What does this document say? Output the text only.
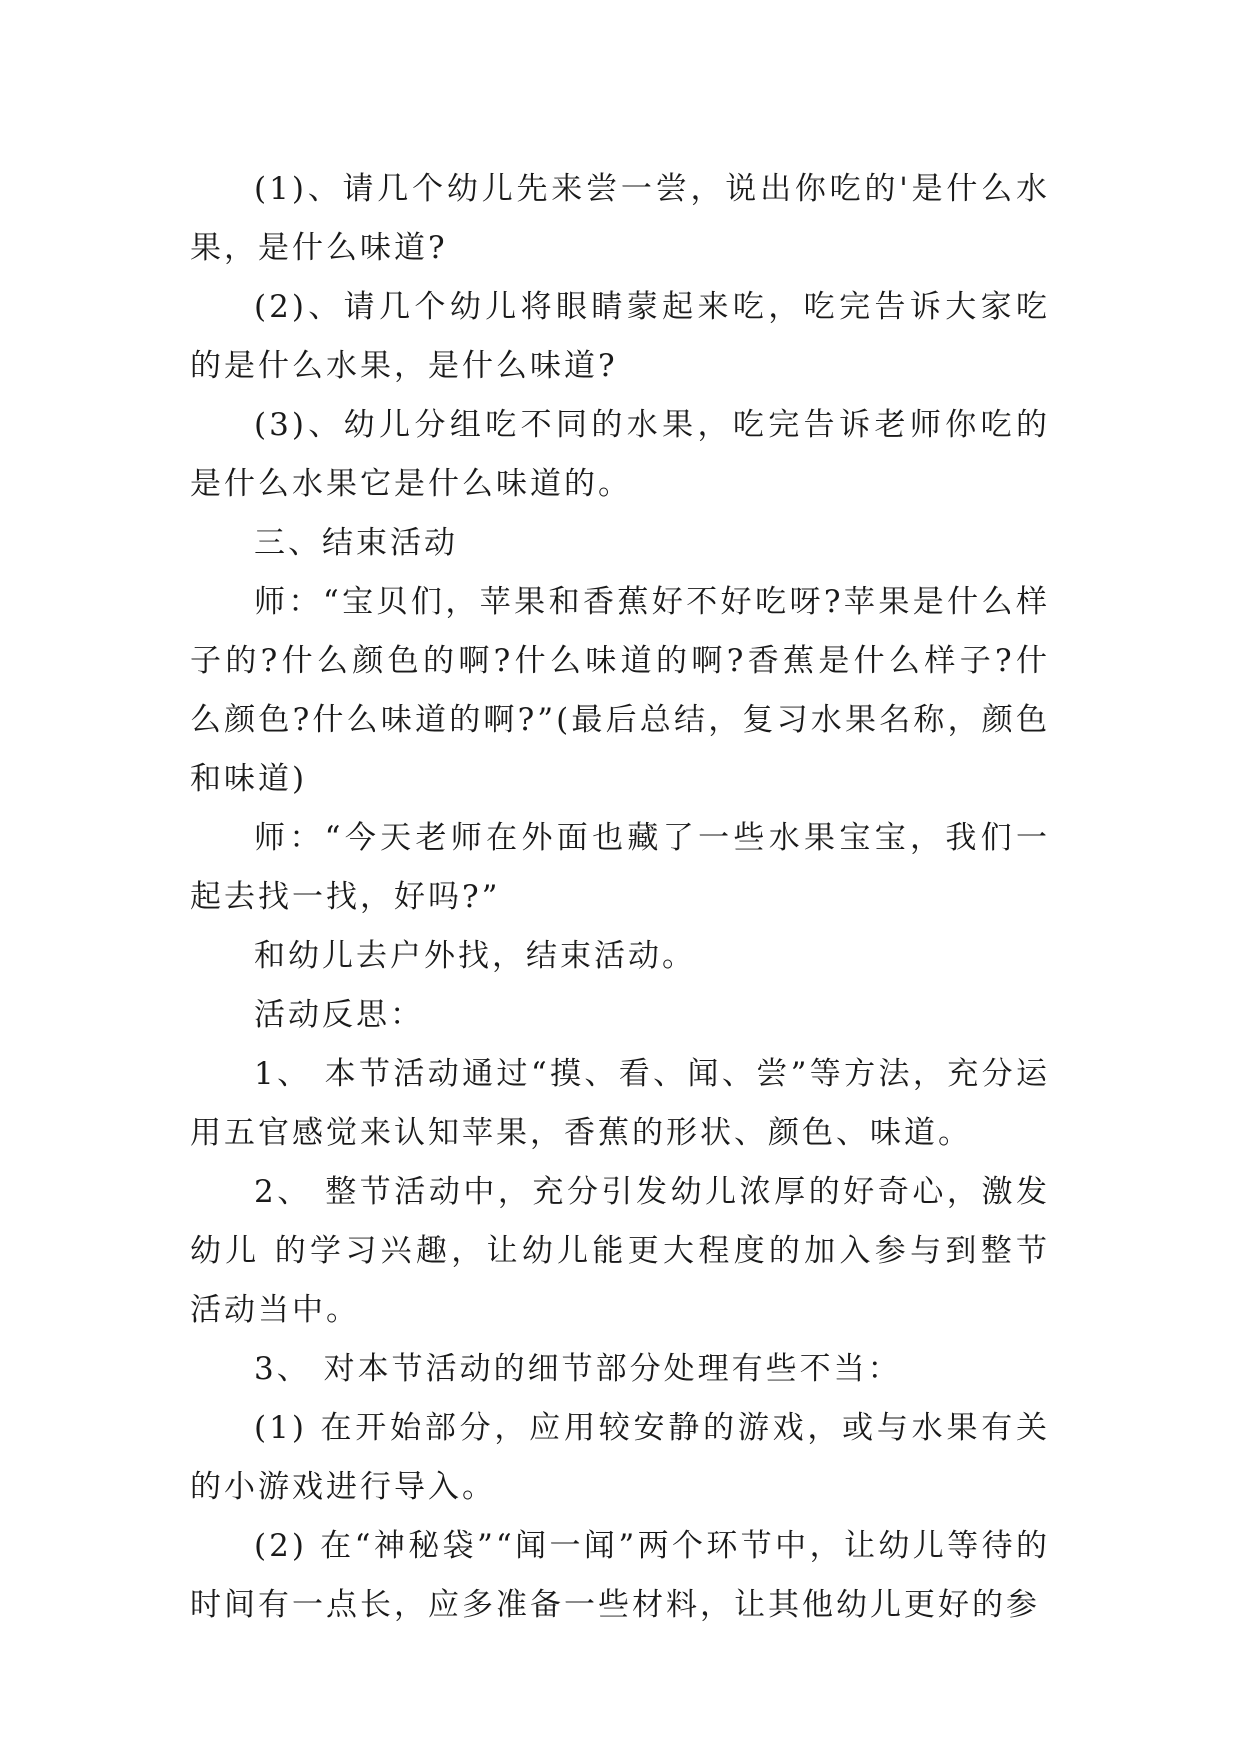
(1)、请几个幼儿先来尝一尝，说出你吃的'是什么水果，是什么味道?

(2)、请几个幼儿将眼睛蒙起来吃，吃完告诉大家吃的是什么水果，是什么味道?

(3)、幼儿分组吃不同的水果，吃完告诉老师你吃的是什么水果它是什么味道的。

三、结束活动

师：“宝贝们，苹果和香蕉好不好吃呀?苹果是什么样子的?什么颜色的啊?什么味道的啊?香蕉是什么样子?什么颜色?什么味道的啊?”(最后总结，复习水果名称，颜色和味道)

师：“今天老师在外面也藏了一些水果宝宝，我们一起去找一找，好吗?”

和幼儿去户外找，结束活动。

活动反思：

1、 本节活动通过“摸、看、闻、尝”等方法，充分运用五官感觉来认知苹果，香蕉的形状、颜色、味道。

2、 整节活动中，充分引发幼儿浓厚的好奇心，激发幼儿 的学习兴趣，让幼儿能更大程度的加入参与到整节活动当中。

3、 对本节活动的细节部分处理有些不当：

(1) 在开始部分，应用较安静的游戏，或与水果有关的小游戏进行导入。

(2) 在“神秘袋”“闻一闻”两个环节中，让幼儿等待的时间有一点长，应多准备一些材料，让其他幼儿更好的参
